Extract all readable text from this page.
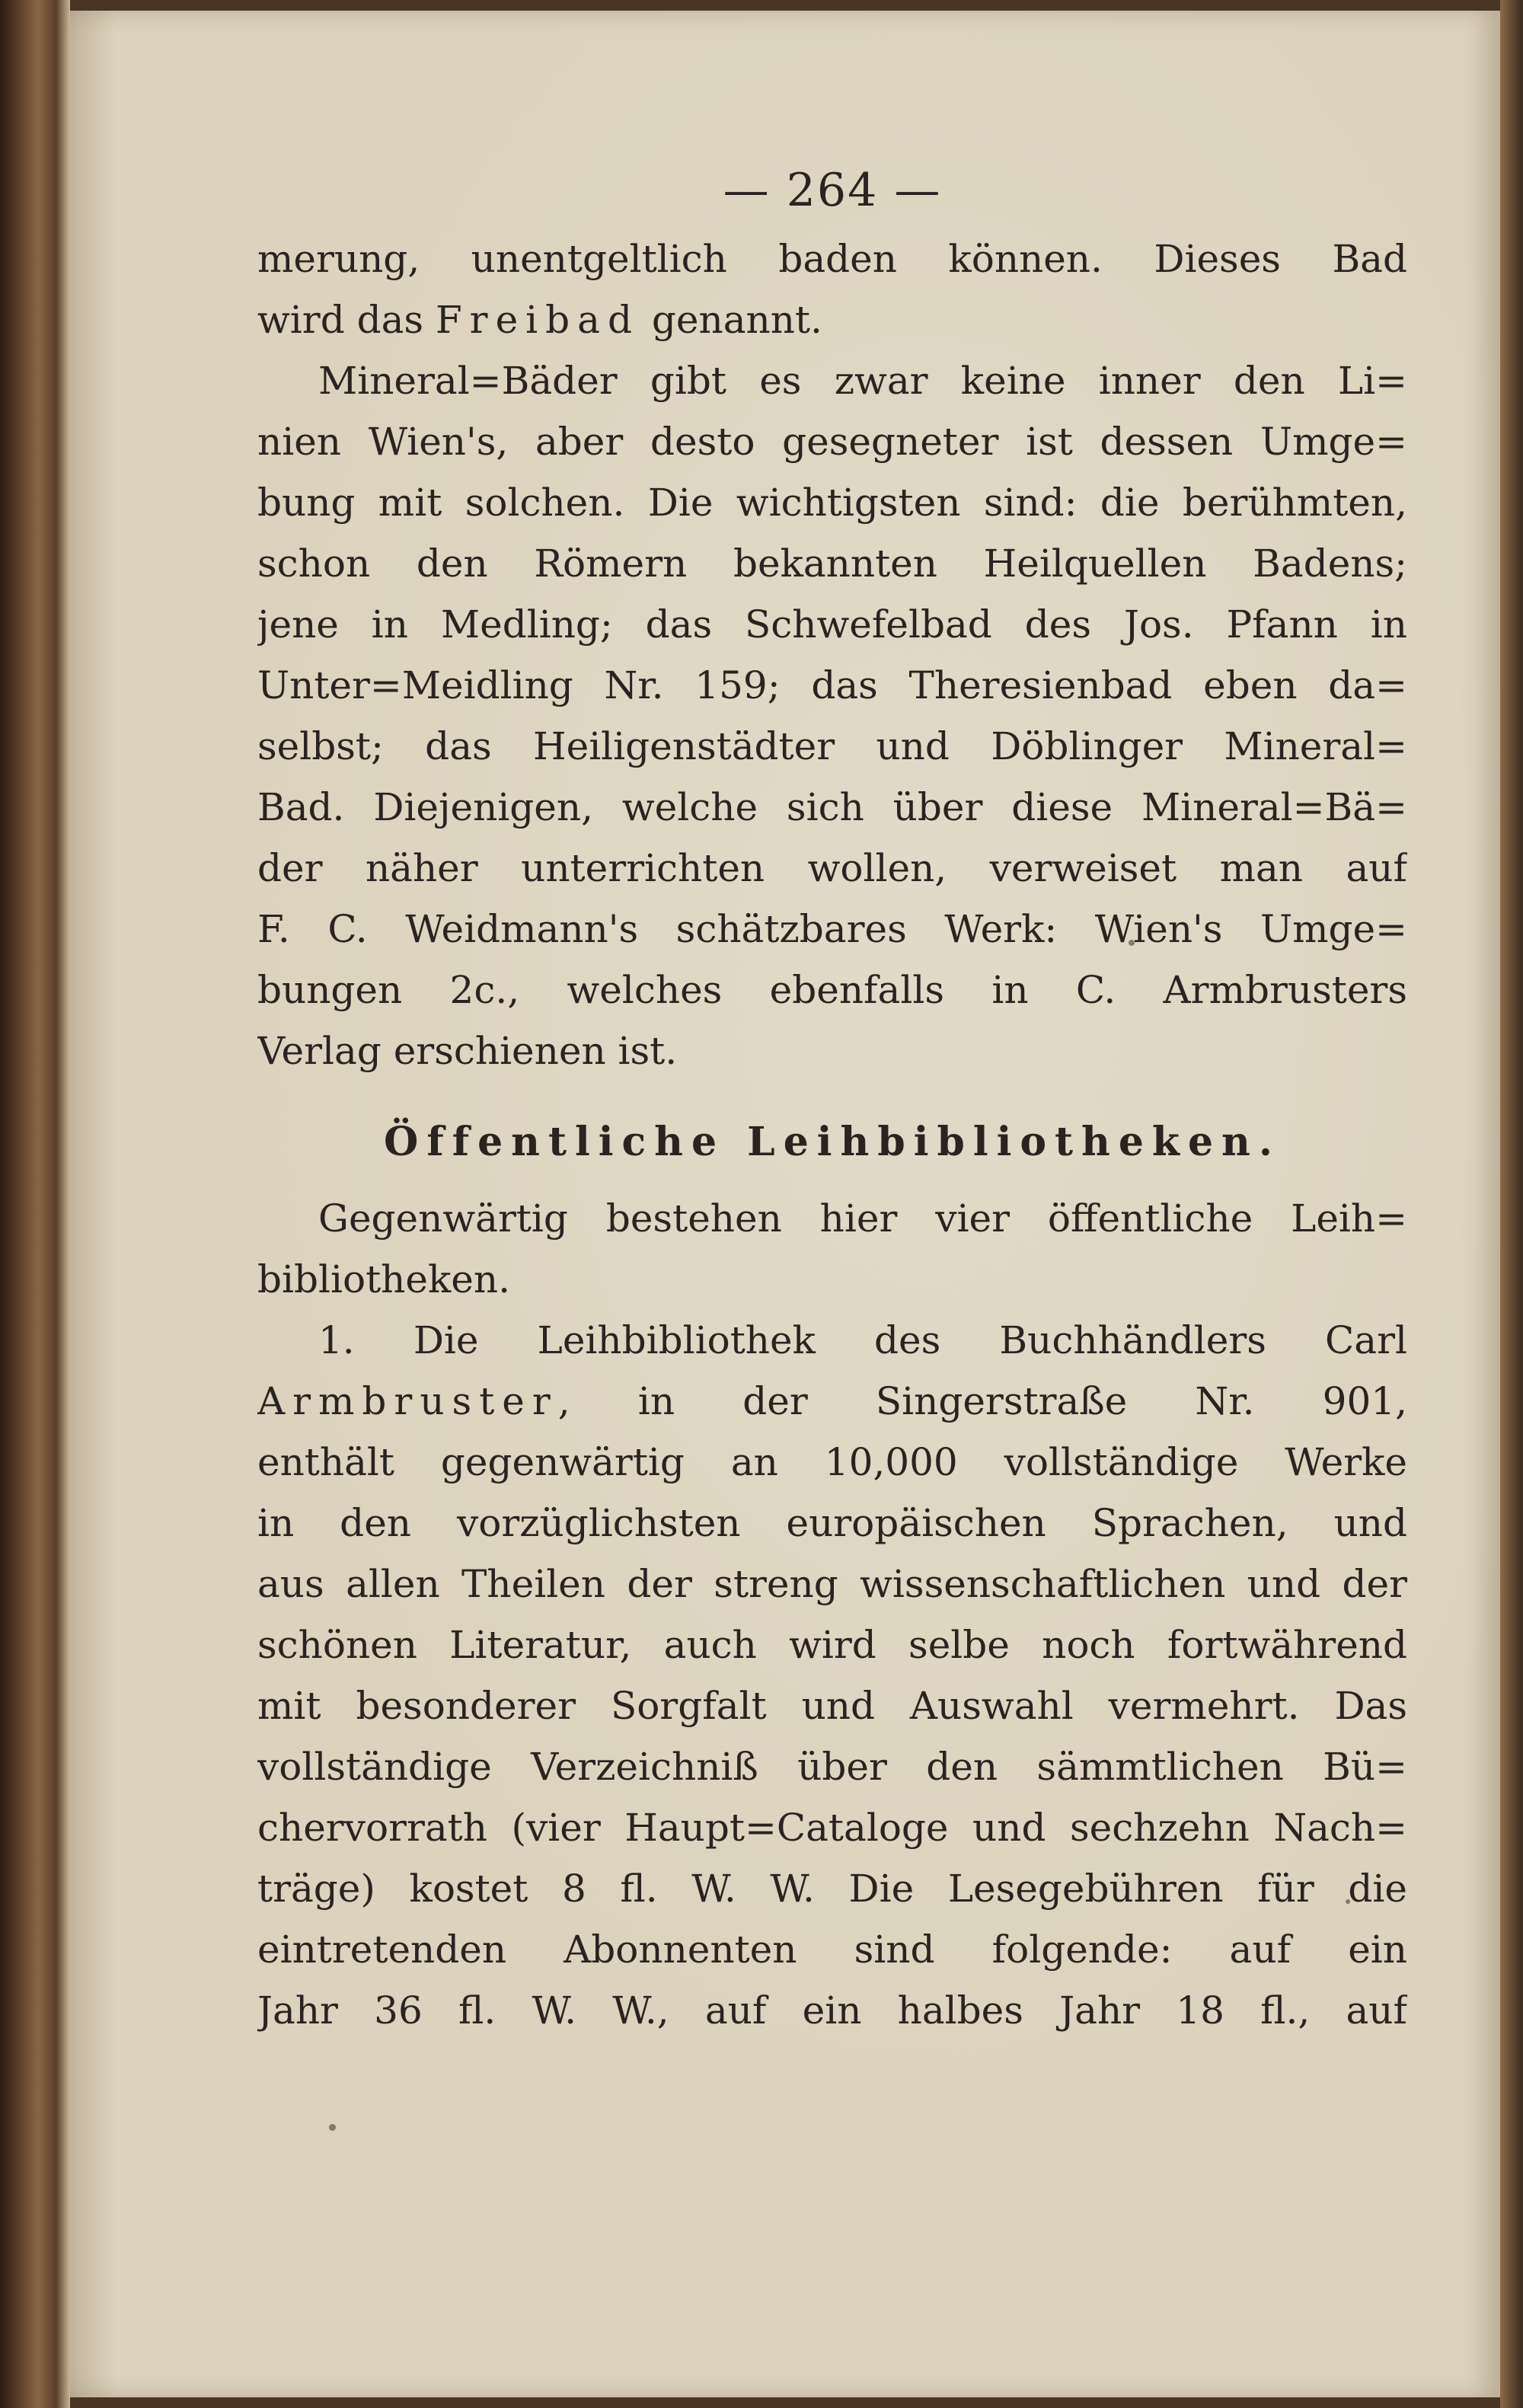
— 264 —
merung, unentgeltlich baden können. Dieses Bad
wird das Freibad genannt.
Mineral=Bäder gibt es zwar keine inner den Li=
nien Wien's, aber desto gesegneter ist dessen Umge=
bung mit solchen. Die wichtigsten sind: die berühmten,
schon den Römern bekannten Heilquellen Badens;
jene in Medling; das Schwefelbad des Jos. Pfann in
Unter=Meidling Nr. 159; das Theresienbad eben da=
selbst; das Heiligenstädter und Döblinger Mineral=
Bad. Diejenigen, welche sich über diese Mineral=Bä=
der näher unterrichten wollen, verweiset man auf
F. C. Weidmann's schätzbares Werk: Wien's Umge=
bungen 2c., welches ebenfalls in C. Armbrusters
Verlag erschienen ist.
Öffentliche Leihbibliotheken.
Gegenwärtig bestehen hier vier öffentliche Leih=
bibliotheken.
1. Die Leihbibliothek des Buchhändlers Carl
Armbruster, in der Singerstraße Nr. 901,
enthält gegenwärtig an 10,000 vollständige Werke
in den vorzüglichsten europäischen Sprachen, und
aus allen Theilen der streng wissenschaftlichen und der
schönen Literatur, auch wird selbe noch fortwährend
mit besonderer Sorgfalt und Auswahl vermehrt. Das
vollständige Verzeichniß über den sämmtlichen Bü=
chervorrath (vier Haupt=Cataloge und sechzehn Nach=
träge) kostet 8 fl. W. W. Die Lesegebühren für die
eintretenden Abonnenten sind folgende: auf ein
Jahr 36 fl. W. W., auf ein halbes Jahr 18 fl., auf
